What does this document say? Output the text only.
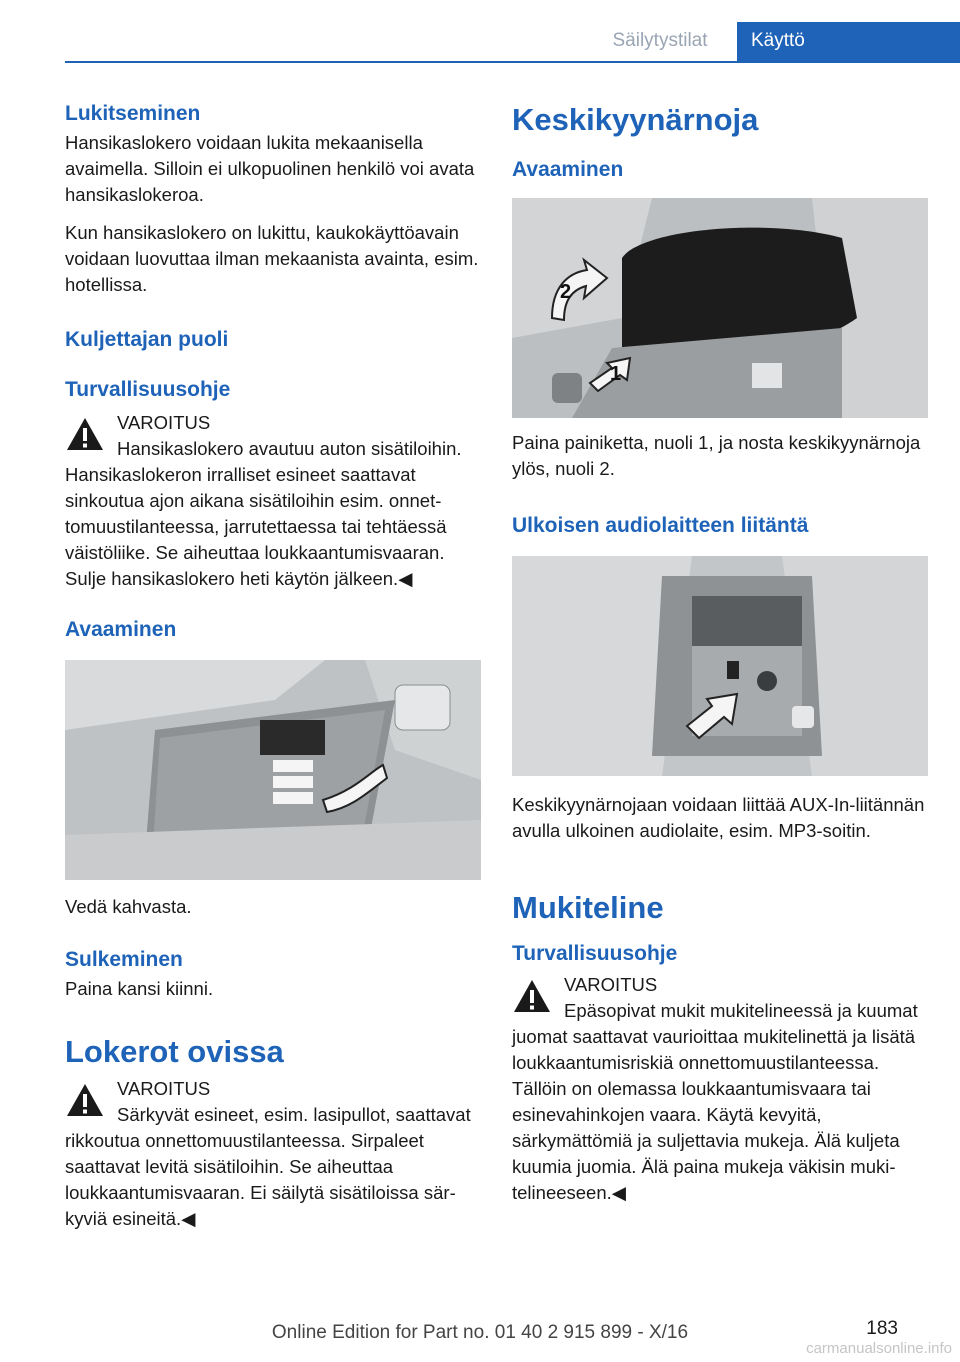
Säilytystilat	Käyttö
Lukitseminen

Hansikaslokero voidaan lukita mekaanisella avaimella. Silloin ei ulkopuolinen henkilö voi avata hansikaslokeroa.

Kun hansikaslokero on lukittu, kaukokäyttöavain voidaan luovuttaa ilman mekaanista avainta, esim. hotellissa.

Kuljettajan puoli
Turvallisuusohje
VAROITUS

Hansikaslokero avautuu auton sisätiloihin. Hansikaslokeron irralliset esineet saattavat sinkoutua ajon aikana sisätiloihin esim. onnettomuustilanteessa, jarrutettaessa tai tehtäessä väistöliike. Se aiheuttaa loukkaantumisvaaran. Sulje hansikaslokero heti käytön jälkeen.◀

Avaaminen

Vedä kahvasta.

Sulkeminen

Paina kansi kiinni.

Lokerot ovissa
VAROITUS

Särkyvät esineet, esim. lasipullot, saattavat rikkoutua onnettomuustilanteessa. Sirpaleet saattavat levitä sisätiloihin. Se aiheuttaa loukkaantumisvaaran. Ei säilytä sisätiloissa särkyviä esineitä.◀

Keskikyynärnoja
Avaaminen
1
2

Paina painiketta, nuoli 1, ja nosta keskikyynärnoja ylös, nuoli 2.

Ulkoisen audiolaitteen liitäntä

Keskikyynärnojaan voidaan liittää AUX-In-liitännän avulla ulkoinen audiolaite, esim. MP3-soitin.

Mukiteline
Turvallisuusohje
VAROITUS

Epäsopivat mukit mukitelineessä ja kuumat juomat saattavat vaurioittaa mukitelinettä ja lisätä loukkaantumisriskiä onnettomuustilanteessa. Tällöin on olemassa loukkaantumisvaara tai esinevahinkojen vaara. Käytä kevyitä, särkymättömiä ja suljettavia mukeja. Älä kuljeta kuumia juomia. Älä paina mukeja väkisin mukitelineeseen.◀

Online Edition for Part no. 01 40 2 915 899 - X/16	183
carmanualsonline.info
